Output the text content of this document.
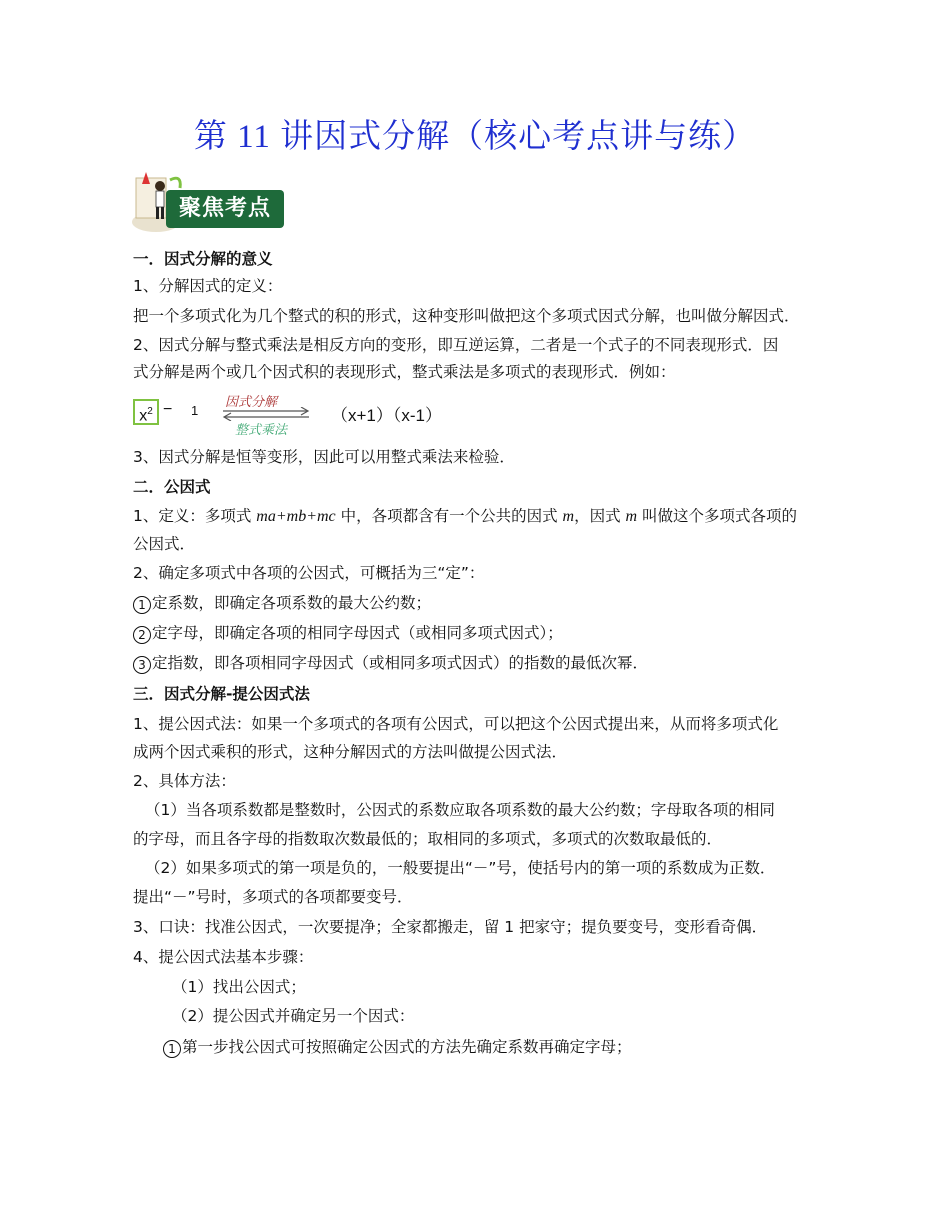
第 11 讲因式分解（核心考点讲与练）
聚焦考点
一．因式分解的意义
1、分解因式的定义：
把一个多项式化为几个整式的积的形式，这种变形叫做把这个多项式因式分解，也叫做分解因式．
2、因式分解与整式乘法是相反方向的变形，即互逆运算，二者是一个式子的不同表现形式．因
式分解是两个或几个因式积的表现形式，整式乘法是多项式的表现形式．例如：
$x^2 - 1$
因式分解
整式乘法
（x+1）（x-1）
3、因式分解是恒等变形，因此可以用整式乘法来检验．
二．公因式
1、定义：多项式 ma+mb+mc 中，各项都含有一个公共的因式 m，因式 m 叫做这个多项式各项的
公因式．
2、确定多项式中各项的公因式，可概括为三“定”：
1 定系数，即确定各项系数的最大公约数；
2 定字母，即确定各项的相同字母因式（或相同多项式因式）；
3 定指数，即各项相同字母因式（或相同多项式因式）的指数的最低次幂．
三．因式分解-提公因式法
1、提公因式法：如果一个多项式的各项有公因式，可以把这个公因式提出来，从而将多项式化
成两个因式乘积的形式，这种分解因式的方法叫做提公因式法．
2、具体方法：
（1）当各项系数都是整数时，公因式的系数应取各项系数的最大公约数；字母取各项的相同
的字母，而且各字母的指数取次数最低的；取相同的多项式，多项式的次数取最低的．
（2）如果多项式的第一项是负的，一般要提出“－”号，使括号内的第一项的系数成为正数．
提出“－”号时，多项式的各项都要变号．
3、口诀：找准公因式，一次要提净；全家都搬走，留 1 把家守；提负要变号，变形看奇偶．
4、提公因式法基本步骤：
（1）找出公因式；
（2）提公因式并确定另一个因式：
1 第一步找公因式可按照确定公因式的方法先确定系数再确定字母；
